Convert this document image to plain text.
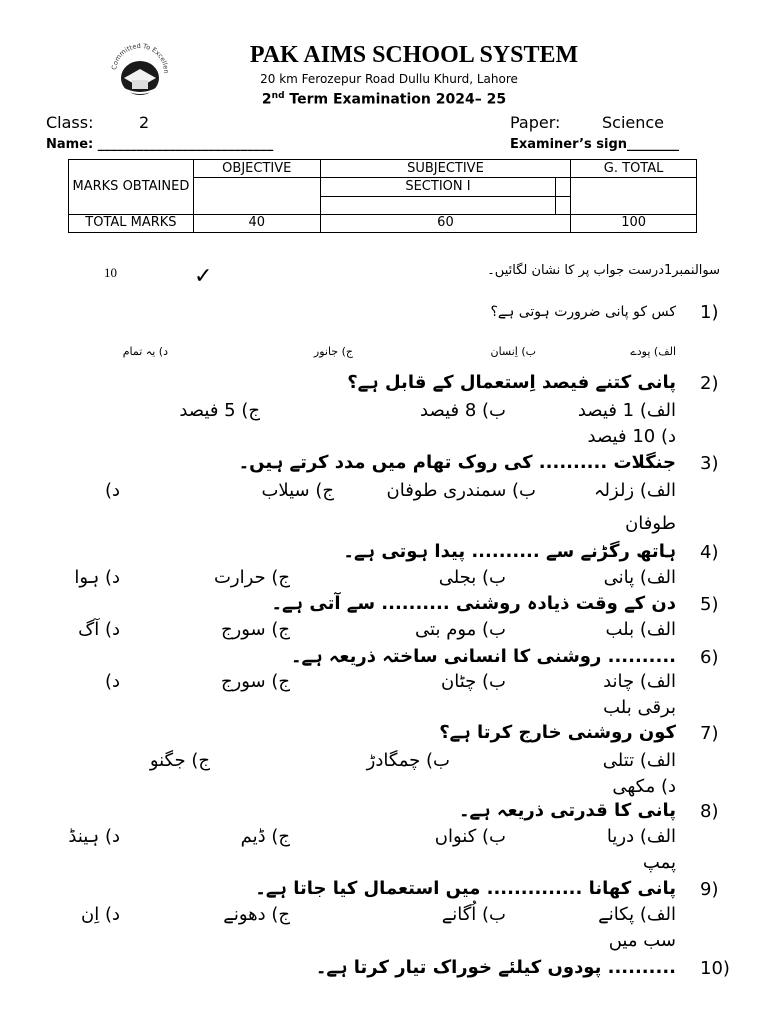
Committed To Excellen
PAK AIMS SCHOOL SYSTEM
20 km Ferozepur Road Dullu Khurd, Lahore
2nd Term Examination 2024– 25
Class:	2	Paper:	Science
Name: ___________________________	Examiner’s sign________
MARKS OBTAINED	OBJECTIVE	SUBJECTIVE		G. TOTAL
		SECTION I		

TOTAL MARKS	40	60		100
سوالنمبر1درست جواب پر کا نشان لگائیں۔
10	✓
1)
کس کو پانی ضرورت ہوتی ہے؟
الف) پودے
ب) اِنسان
ج) جانور
د) یہ تمام
2)
پانی کتنے فیصد اِستعمال کے قابل ہے؟
الف) 1 فیصد
ب) 8 فیصد
ج) 5 فیصد
د) 10 فیصد
3)
جنگلات .......... کی روک تھام میں مدد کرتے ہیں۔
الف) زلزلہ
ب) سمندری طوفان
ج) سیلاب
د)
طوفان
4)
ہاتھ رگڑنے سے .......... پیدا ہوتی ہے۔
الف) پانی
ب) بجلی
ج) حرارت
د) ہوا
5)
دن کے وقت ذیادہ روشنی .......... سے آتی ہے۔
الف) بلب
ب) موم بتی
ج) سورج
د) آگ
6)
.......... روشنی کا انسانی ساختہ ذریعہ ہے۔
الف) چاند
ب) چٹان
ج) سورج
د)
برقی بلب
7)
کون روشنی خارج کرتا ہے؟
الف) تتلی
ب) چمگادڑ
ج) جگنو
د) مکھی
8)
پانی کا قدرتی ذریعہ ہے۔
الف) دریا
ب) کنواں
ج) ڈیم
د) ہینڈ
پمپ
9)
پانی کھانا .............. میں استعمال کیا جاتا ہے۔
الف) پکانے
ب) اُگانے
ج) دھونے
د) اِن
سب میں
10)
.......... پودوں کیلئے خوراک تیار کرتا ہے۔
